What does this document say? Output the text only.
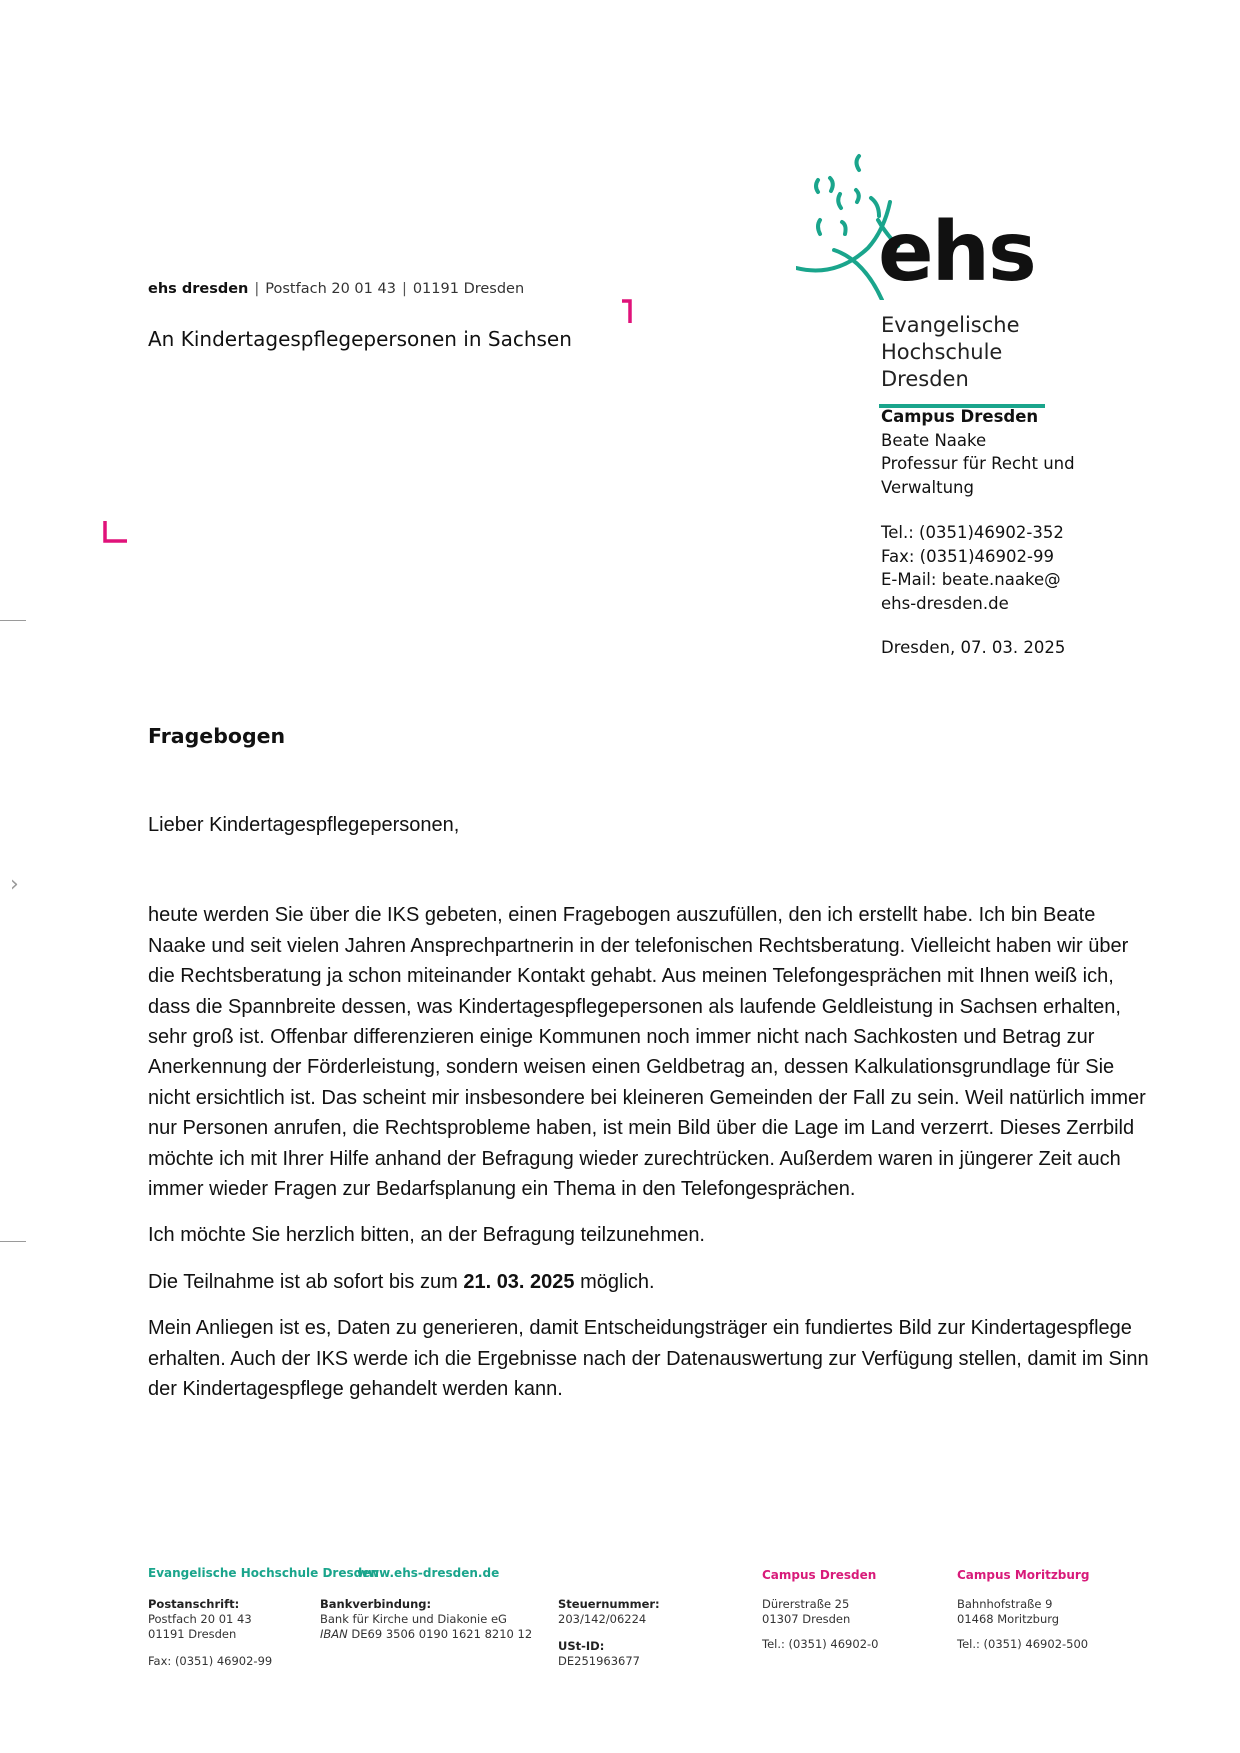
ehs dresden | Postfach 20 01 43 | 01191 Dresden
An Kindertagespflegepersonen in Sachsen
›
ehs
Evangelische
Hochschule
Dresden
Campus Dresden
Beate Naake
Professur für Recht und
Verwaltung
Tel.: (0351)46902-352
Fax: (0351)46902-99
E-Mail: beate.naake@
ehs-dresden.de
Dresden, 07. 03. 2025
Fragebogen

Lieber Kindertagespflegepersonen,

heute werden Sie über die IKS gebeten, einen Fragebogen auszufüllen, den ich erstellt habe. Ich bin Beate Naake und seit vielen Jahren Ansprechpartnerin in der telefonischen Rechtsberatung. Vielleicht haben wir über die Rechtsberatung ja schon miteinander Kontakt gehabt. Aus meinen Telefongesprächen mit Ihnen weiß ich, dass die Spannbreite dessen, was Kindertagespflegepersonen als laufende Geldleistung in Sachsen erhalten, sehr groß ist. Offenbar differenzieren einige Kommunen noch immer nicht nach Sachkosten und Betrag zur Anerkennung der Förderleistung, sondern weisen einen Geldbetrag an, dessen Kalkulationsgrundlage für Sie nicht ersichtlich ist. Das scheint mir insbesondere bei kleineren Gemeinden der Fall zu sein. Weil natürlich immer nur Personen anrufen, die Rechtsprobleme haben, ist mein Bild über die Lage im Land verzerrt. Dieses Zerrbild möchte ich mit Ihrer Hilfe anhand der Befragung wieder zurechtrücken. Außerdem waren in jüngerer Zeit auch immer wieder Fragen zur Bedarfsplanung ein Thema in den Telefongesprächen.

Ich möchte Sie herzlich bitten, an der Befragung teilzunehmen.

Die Teilnahme ist ab sofort bis zum 21. 03. 2025 möglich.

Mein Anliegen ist es, Daten zu generieren, damit Entscheidungsträger ein fundiertes Bild zur Kindertagespflege erhalten. Auch der IKS werde ich die Ergebnisse nach der Datenauswertung zur Verfügung stellen, damit im Sinn der Kindertagespflege gehandelt werden kann.

Evangelische Hochschule Dresden
www.ehs-dresden.de
Postanschrift:
Postfach 20 01 43
01191 Dresden
Fax: (0351) 46902-99
Bankverbindung:
Bank für Kirche und Diakonie eG
IBAN DE69 3506 0190 1621 8210 12
Steuernummer:
203/142/06224
USt-ID:
DE251963677
Campus Dresden
Dürerstraße 25
01307 Dresden
Tel.: (0351) 46902-0
Campus Moritzburg
Bahnhofstraße 9
01468 Moritzburg
Tel.: (0351) 46902-500
